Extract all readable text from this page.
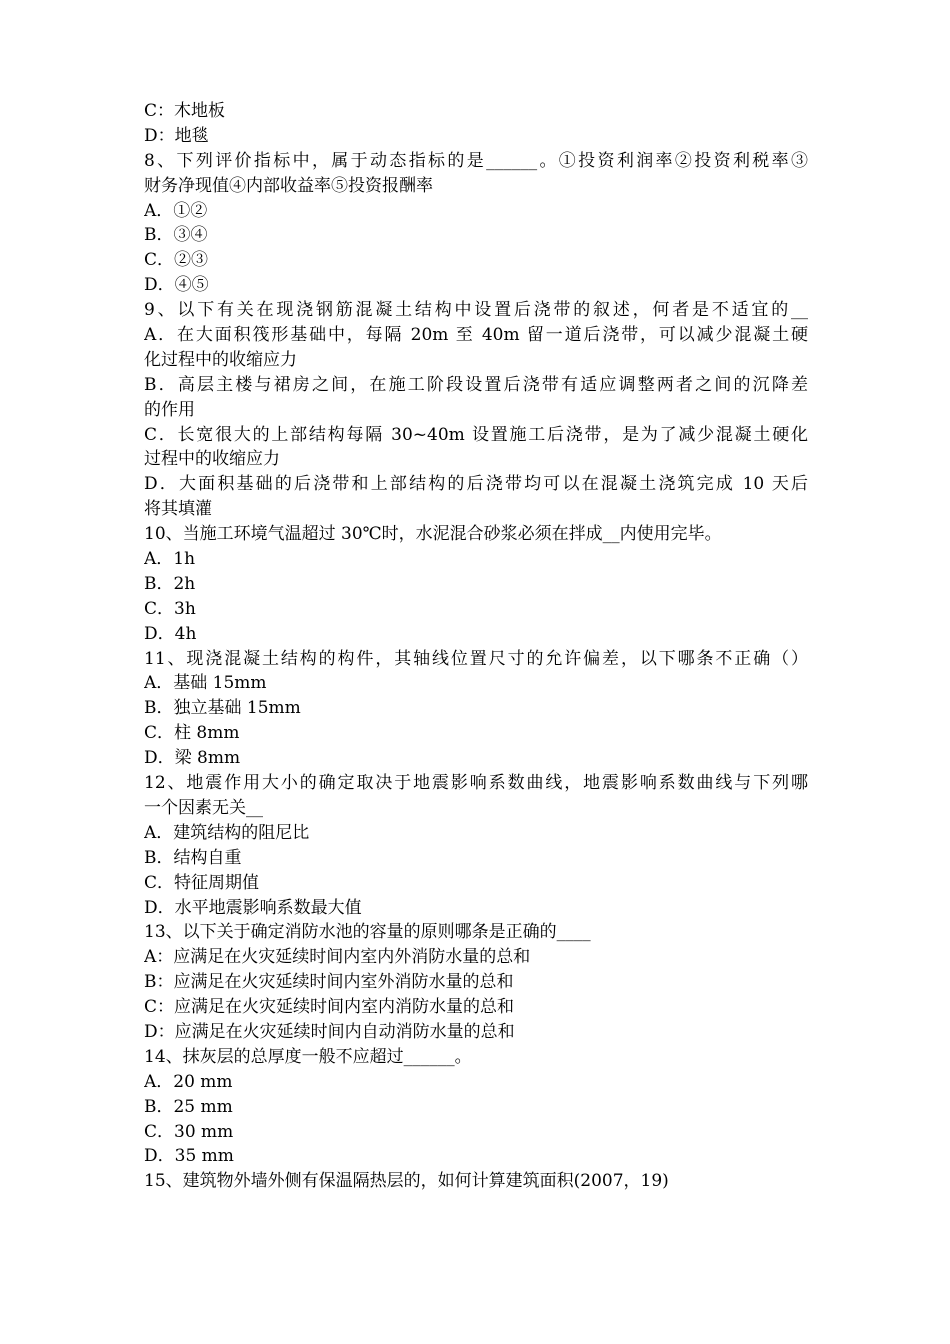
C：木地板
D：地毯
8、下列评价指标中，属于动态指标的是______。①投资利润率②投资利税率③
财务净现值④内部收益率⑤投资报酬率
A．①②
B．③④
C．②③
D．④⑤
9、以下有关在现浇钢筋混凝土结构中设置后浇带的叙述，何者是不适宜的__
A．在大面积筏形基础中，每隔 20m 至 40m 留一道后浇带，可以减少混凝土硬
化过程中的收缩应力
B．高层主楼与裙房之间，在施工阶段设置后浇带有适应调整两者之间的沉降差
的作用
C．长宽很大的上部结构每隔 30~40m 设置施工后浇带，是为了减少混凝土硬化
过程中的收缩应力
D．大面积基础的后浇带和上部结构的后浇带均可以在混凝土浇筑完成 10 天后
将其填灌
10、当施工环境气温超过 30℃时，水泥混合砂浆必须在拌成__内使用完毕。
A．1h
B．2h
C．3h
D．4h
11、现浇混凝土结构的构件，其轴线位置尺寸的允许偏差，以下哪条不正确（）
A．基础 15mm
B．独立基础 15mm
C．柱 8mm
D．梁 8mm
12、地震作用大小的确定取决于地震影响系数曲线，地震影响系数曲线与下列哪
一个因素无关__
A．建筑结构的阻尼比
B．结构自重
C．特征周期值
D．水平地震影响系数最大值
13、以下关于确定消防水池的容量的原则哪条是正确的____
A：应满足在火灾延续时间内室内外消防水量的总和
B：应满足在火灾延续时间内室外消防水量的总和
C：应满足在火灾延续时间内室内消防水量的总和
D：应满足在火灾延续时间内自动消防水量的总和
14、抹灰层的总厚度一般不应超过______。
A．20 mm
B．25 mm
C．30 mm
D．35 mm
15、建筑物外墙外侧有保温隔热层的，如何计算建筑面积(2007，19)
